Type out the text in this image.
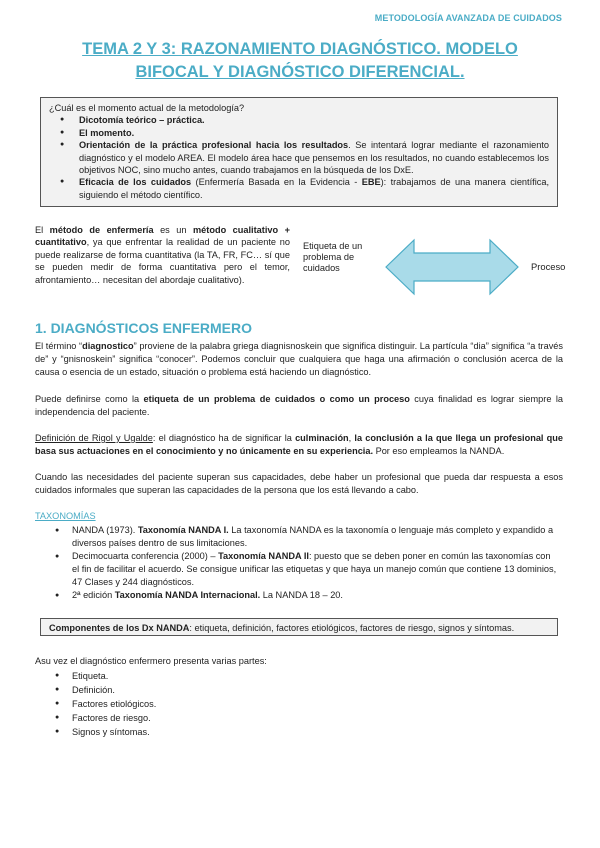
METODOLOGÍA AVANZADA DE CUIDADOS
TEMA 2 Y 3: RAZONAMIENTO DIAGNÓSTICO. MODELO
BIFOCAL Y DIAGNÓSTICO DIFERENCIAL.
¿Cuál es el momento actual de la metodología?
● Dicotomía teórico – práctica.
● El momento.
● Orientación de la práctica profesional hacia los resultados. Se intentará lograr mediante el razonamiento diagnóstico y el modelo AREA. El modelo área hace que pensemos en los resultados, no cuando establecemos los objetivos NOC, sino mucho antes, cuando trabajamos en la búsqueda de los DxE.
● Eficacia de los cuidados (Enfermería Basada en la Evidencia - EBE): trabajamos de una manera científica, siguiendo el método científico.
El método de enfermería es un método cualitativo + cuantitativo, ya que enfrentar la realidad de un paciente no puede realizarse de forma cuantitativa (la TA, FR, FC… sí que se pueden medir de forma cuantitativa pero el temor, afrontamiento… necesitan del abordaje cualitativo).
Etiqueta de un problema de cuidados	Proceso
1. DIAGNÓSTICOS ENFERMERO
El término “diagnostico” proviene de la palabra griega diagnisnoskein que significa distinguir. La partícula “dia” significa “a través de” y “gnisnoskein” significa “conocer”. Podemos concluir que cualquiera que haga una afirmación o conclusión acerca de la causa o esencia de un estado, situación o problema está haciendo un diagnóstico.
Puede definirse como la etiqueta de un problema de cuidados o como un proceso cuya finalidad es lograr siempre la independencia del paciente.
Definición de Rigol y Ugalde: el diagnóstico ha de significar la culminación, la conclusión a la que llega un profesional que basa sus actuaciones en el conocimiento y no únicamente en su experiencia. Por eso empleamos la NANDA.
Cuando las necesidades del paciente superan sus capacidades, debe haber un profesional que pueda dar respuesta a esos cuidados informales que superan las capacidades de la persona que los está llevando a cabo.
TAXONOMÍAS
● NANDA (1973). Taxonomía NANDA I. La taxonomía NANDA es la taxonomía o lenguaje más completo y expandido a diversos países dentro de sus limitaciones.
● Decimocuarta conferencia (2000) – Taxonomía NANDA II: puesto que se deben poner en común las taxonomías con el fin de facilitar el acuerdo. Se consigue unificar las etiquetas y que haya un manejo común que contiene 13 dominios, 47 Clases y 244 diagnósticos.
● 2ª edición Taxonomía NANDA Internacional. La NANDA 18 – 20.
Componentes de los Dx NANDA: etiqueta, definición, factores etiológicos, factores de riesgo, signos y síntomas.
Asu vez el diagnóstico enfermero presenta varias partes:
● Etiqueta.
● Definición.
● Factores etiológicos.
● Factores de riesgo.
● Signos y síntomas.
